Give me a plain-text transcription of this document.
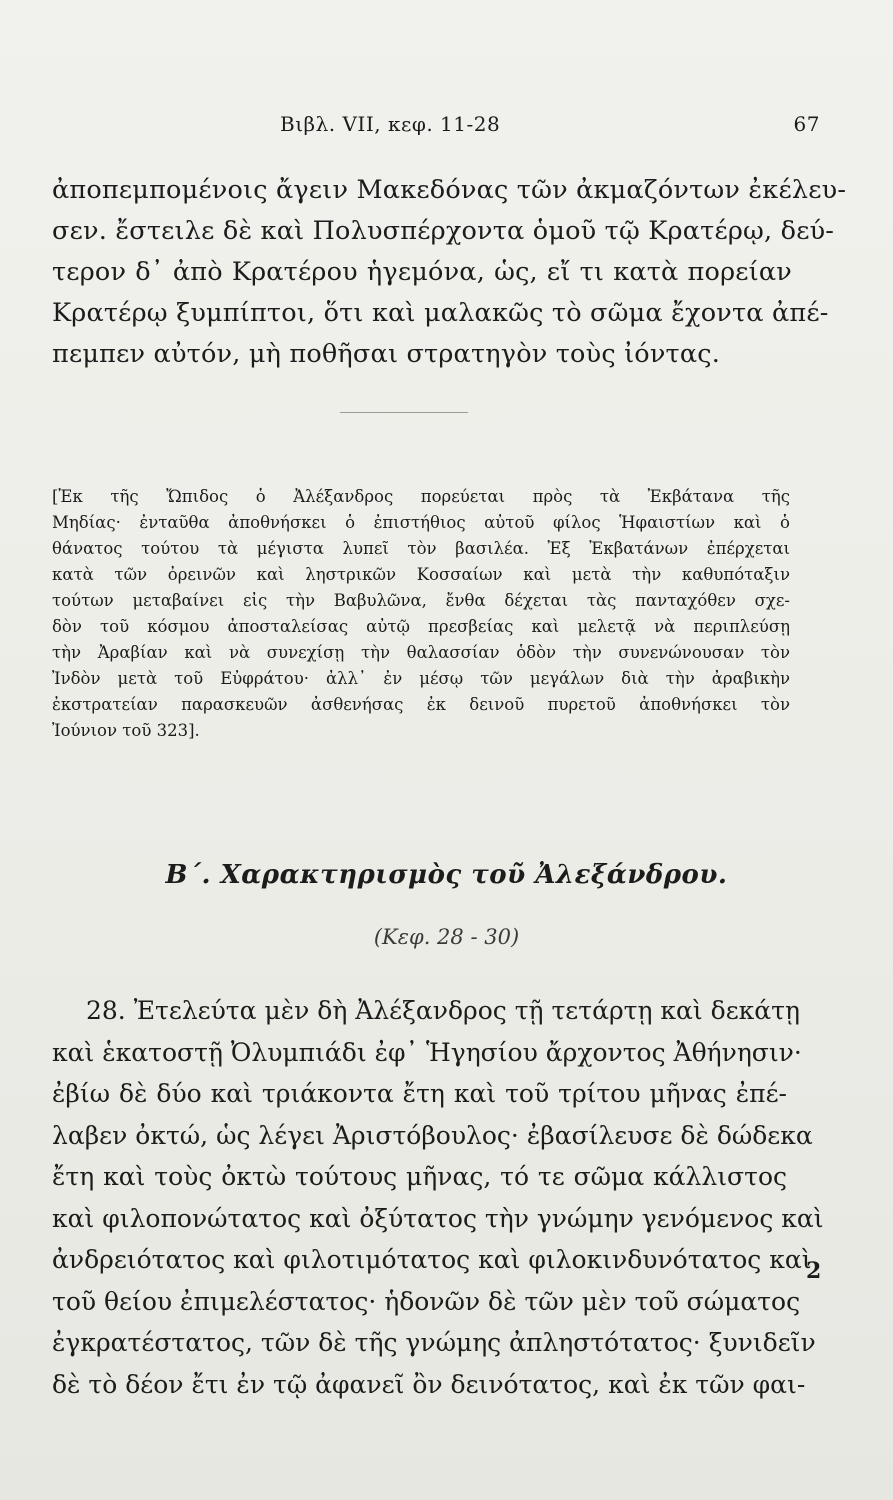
Βιβλ. VII, κεφ. 11-28	67
ἀποπεμπομένοις ἄγειν Μακεδόνας τῶν ἀκμαζόντων ἐκέλευ-
σεν. ἔστειλε δὲ καὶ Πολυσπέρχοντα ὁμοῦ τῷ Κρατέρῳ, δεύ-
τερον δ᾽ ἀπὸ Κρατέρου ἡγεμόνα, ὡς, εἴ τι κατὰ πορείαν
Κρατέρῳ ξυμπίπτοι, ὅτι καὶ μαλακῶς τὸ σῶμα ἔχοντα ἀπέ-
πεμπεν αὐτόν, μὴ ποθῆσαι στρατηγὸν τοὺς ἰόντας.
[Ἐκ τῆς Ὤπιδος ὁ Ἀλέξανδρος πορεύεται πρὸς τὰ Ἐκβάτανα τῆς
Μηδίας· ἐνταῦθα ἀποθνήσκει ὁ ἐπιστήθιος αὐτοῦ φίλος Ἡφαιστίων καὶ ὁ
θάνατος τούτου τὰ μέγιστα λυπεῖ τὸν βασιλέα. Ἐξ Ἐκβατάνων ἐπέρχεται
κατὰ τῶν ὀρεινῶν καὶ ληστρικῶν Κοσσαίων καὶ μετὰ τὴν καθυπόταξιν
τούτων μεταβαίνει εἰς τὴν Βαβυλῶνα, ἔνθα δέχεται τὰς πανταχόθεν σχε-
δὸν τοῦ κόσμου ἀποσταλείσας αὐτῷ πρεσβείας καὶ μελετᾷ νὰ περιπλεύσῃ
τὴν Ἀραβίαν καὶ νὰ συνεχίσῃ τὴν θαλασσίαν ὁδὸν τὴν συνενώνουσαν τὸν
Ἰνδὸν μετὰ τοῦ Εὐφράτου· ἀλλ᾽ ἐν μέσῳ τῶν μεγάλων διὰ τὴν ἀραβικὴν
ἐκστρατείαν παρασκευῶν ἀσθενήσας ἐκ δεινοῦ πυρετοῦ ἀποθνήσκει τὸν
Ἰούνιον τοῦ 323].
Β΄. Χαρακτηρισμὸς τοῦ Ἀλεξάνδρου.
(Κεφ. 28 - 30)
28. Ἐτελεύτα μὲν δὴ Ἀλέξανδρος τῇ τετάρτῃ καὶ δεκάτῃ
καὶ ἑκατοστῇ Ὀλυμπιάδι ἐφ᾽ Ἡγησίου ἄρχοντος Ἀθήνησιν·
ἐβίω δὲ δύο καὶ τριάκοντα ἔτη καὶ τοῦ τρίτου μῆνας ἐπέ-
λαβεν ὀκτώ, ὡς λέγει Ἀριστόβουλος· ἐβασίλευσε δὲ δώδεκα
ἔτη καὶ τοὺς ὀκτὼ τούτους μῆνας, τό τε σῶμα κάλλιστος
καὶ φιλοπονώτατος καὶ ὀξύτατος τὴν γνώμην γενόμενος καὶ
ἀνδρειότατος καὶ φιλοτιμότατος καὶ φιλοκινδυνότατος καὶ
τοῦ θείου ἐπιμελέστατος· ἡδονῶν δὲ τῶν μὲν τοῦ σώματος
ἐγκρατέστατος, τῶν δὲ τῆς γνώμης ἀπληστότατος· ξυνιδεῖν
δὲ τὸ δέον ἔτι ἐν τῷ ἀφανεῖ ὂν δεινότατος, καὶ ἐκ τῶν φαι-
2
